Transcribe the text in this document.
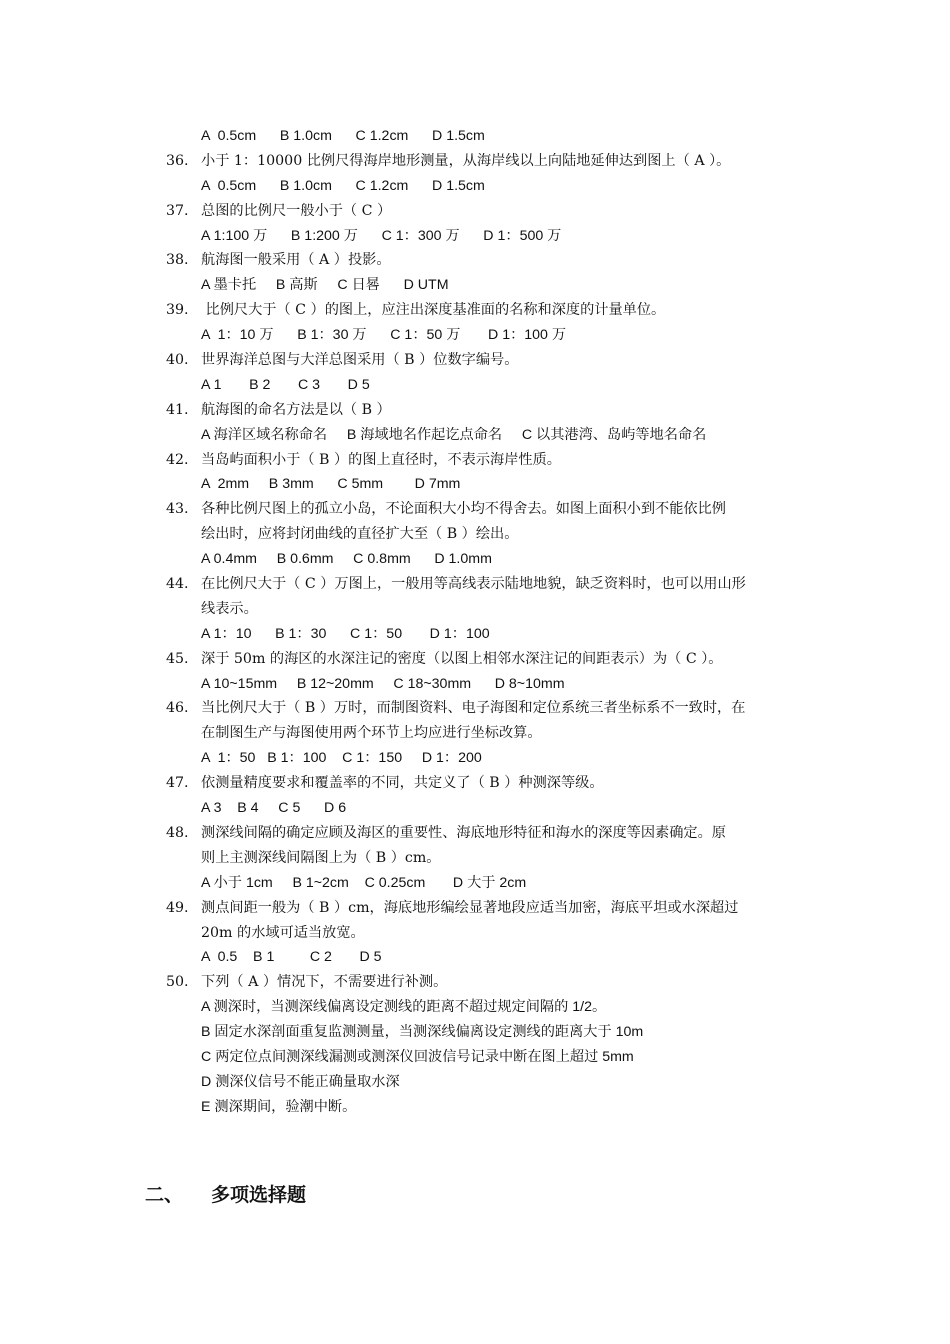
A  0.5cm      B 1.0cm      C 1.2cm      D 1.5cm
36. 小于 1：10000 比例尺得海岸地形测量，从海岸线以上向陆地延伸达到图上（ A ）。
A  0.5cm      B 1.0cm      C 1.2cm      D 1.5cm
37. 总图的比例尺一般小于（ C ）
A 1:100 万      B 1:200 万      C 1：300 万      D 1：500 万
38. 航海图一般采用（ A ）投影。
A 墨卡托     B 高斯     C 日晷      D UTM
39. 比例尺大于（ C ）的图上，应注出深度基准面的名称和深度的计量单位。
A  1：10 万      B 1：30 万      C 1：50 万       D 1：100 万
40. 世界海洋总图与大洋总图采用（ B ）位数字编号。
A 1       B 2       C 3       D 5
41. 航海图的命名方法是以（ B ）
A 海洋区域名称命名     B 海域地名作起讫点命名     C 以其港湾、岛屿等地名命名
42. 当岛屿面积小于（ B ）的图上直径时，不表示海岸性质。
A  2mm     B 3mm      C 5mm        D 7mm
43. 各种比例尺图上的孤立小岛，不论面积大小均不得舍去。如图上面积小到不能依比例
绘出时，应将封闭曲线的直径扩大至（ B ）绘出。
A 0.4mm     B 0.6mm     C 0.8mm      D 1.0mm
44. 在比例尺大于（ C ）万图上，一般用等高线表示陆地地貌，缺乏资料时，也可以用山形
线表示。
A 1：10      B 1：30      C 1：50       D 1：100
45. 深于 50m 的海区的水深注记的密度（以图上相邻水深注记的间距表示）为（ C ）。
A 10~15mm     B 12~20mm     C 18~30mm      D 8~10mm
46. 当比例尺大于（ B ）万时，而制图资料、电子海图和定位系统三者坐标系不一致时，在
在制图生产与海图使用两个环节上均应进行坐标改算。
A  1：50   B 1：100    C 1：150     D 1：200
47. 依测量精度要求和覆盖率的不同，共定义了（ B ）种测深等级。
A 3    B 4     C 5      D 6
48. 测深线间隔的确定应顾及海区的重要性、海底地形特征和海水的深度等因素确定。原
则上主测深线间隔图上为（ B ）cm。
A 小于 1cm     B 1~2cm    C 0.25cm       D 大于 2cm
49. 测点间距一般为（ B ）cm，海底地形编绘显著地段应适当加密，海底平坦或水深超过
20m 的水域可适当放宽。
A  0.5    B 1         C 2       D 5
50. 下列（ A ）情况下，不需要进行补测。
A 测深时，当测深线偏离设定测线的距离不超过规定间隔的 1/2。
B 固定水深剖面重复监测测量，当测深线偏离设定测线的距离大于 10m
C 两定位点间测深线漏测或测深仪回波信号记录中断在图上超过 5mm
D 测深仪信号不能正确量取水深
E 测深期间，验潮中断。
二、 多项选择题
